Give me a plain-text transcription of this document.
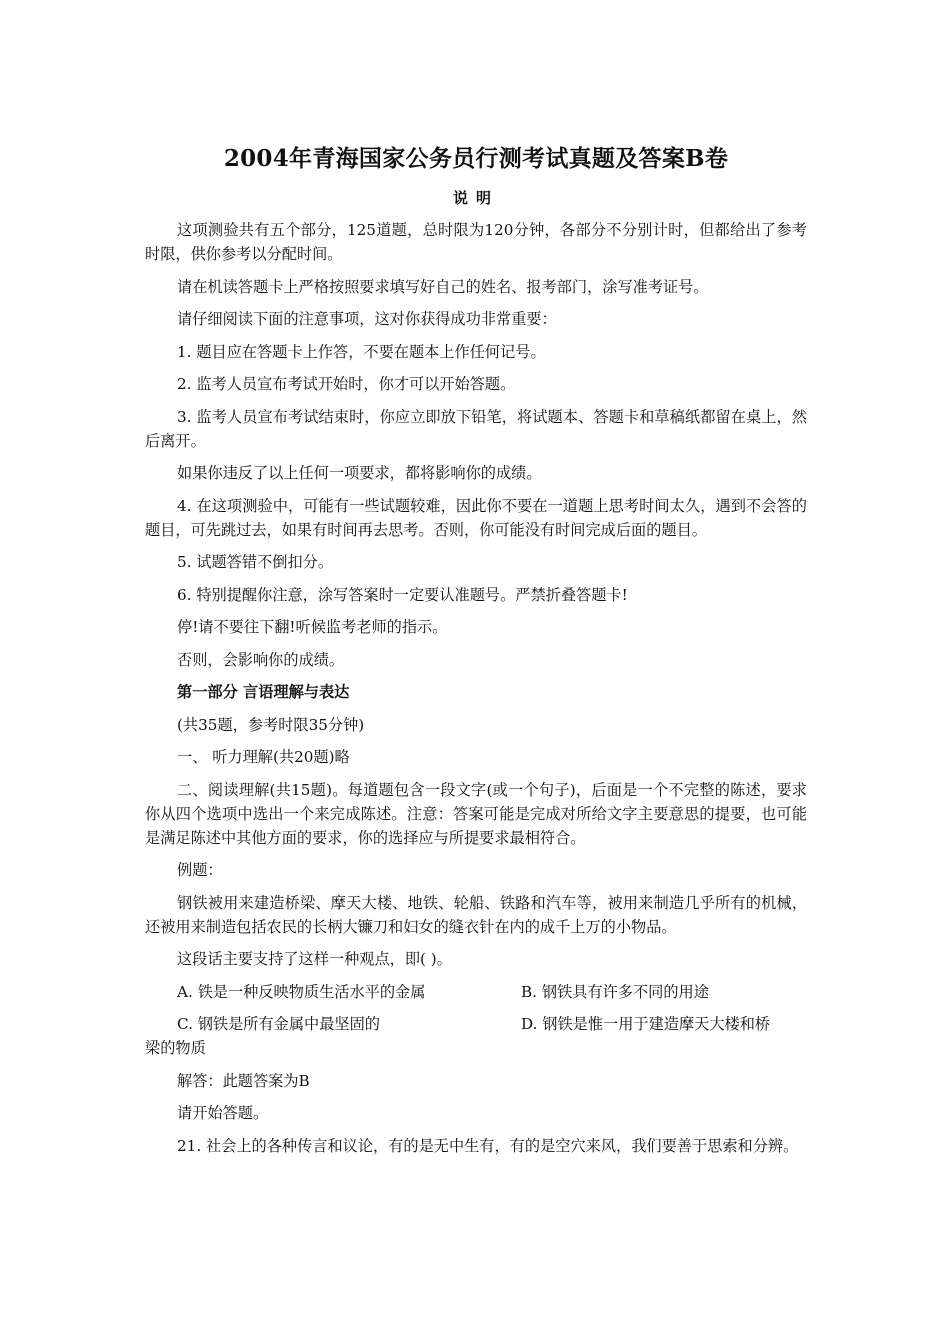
2004年青海国家公务员行测考试真题及答案B卷
说明

这项测验共有五个部分，125道题，总时限为120分钟，各部分不分别计时，但都给出了参考时限，供你参考以分配时间。

请在机读答题卡上严格按照要求填写好自己的姓名、报考部门，涂写准考证号。

请仔细阅读下面的注意事项，这对你获得成功非常重要：

1. 题目应在答题卡上作答，不要在题本上作任何记号。

2. 监考人员宣布考试开始时，你才可以开始答题。

3. 监考人员宣布考试结束时，你应立即放下铅笔，将试题本、答题卡和草稿纸都留在桌上，然后离开。

如果你违反了以上任何一项要求，都将影响你的成绩。

4. 在这项测验中，可能有一些试题较难，因此你不要在一道题上思考时间太久，遇到不会答的题目，可先跳过去，如果有时间再去思考。否则，你可能没有时间完成后面的题目。

5. 试题答错不倒扣分。

6. 特别提醒你注意，涂写答案时一定要认准题号。严禁折叠答题卡!

停!请不要往下翻!听候监考老师的指示。

否则，会影响你的成绩。

第一部分 言语理解与表达

(共35题，参考时限35分钟)

一、 听力理解(共20题)略

二、阅读理解(共15题)。每道题包含一段文字(或一个句子)，后面是一个不完整的陈述，要求你从四个选项中选出一个来完成陈述。注意：答案可能是完成对所给文字主要意思的提要，也可能是满足陈述中其他方面的要求，你的选择应与所提要求最相符合。

例题：

钢铁被用来建造桥梁、摩天大楼、地铁、轮船、铁路和汽车等，被用来制造几乎所有的机械，还被用来制造包括农民的长柄大镰刀和妇女的缝衣针在内的成千上万的小物品。

这段话主要支持了这样一种观点，即( )。

A. 铁是一种反映物质生活水平的金属	B. 钢铁具有许多不同的用途
C. 钢铁是所有金属中最坚固的	D. 钢铁是惟一用于建造摩天大楼和桥
梁的物质

解答：此题答案为B

请开始答题。

21. 社会上的各种传言和议论，有的是无中生有，有的是空穴来风，我们要善于思索和分辨。
